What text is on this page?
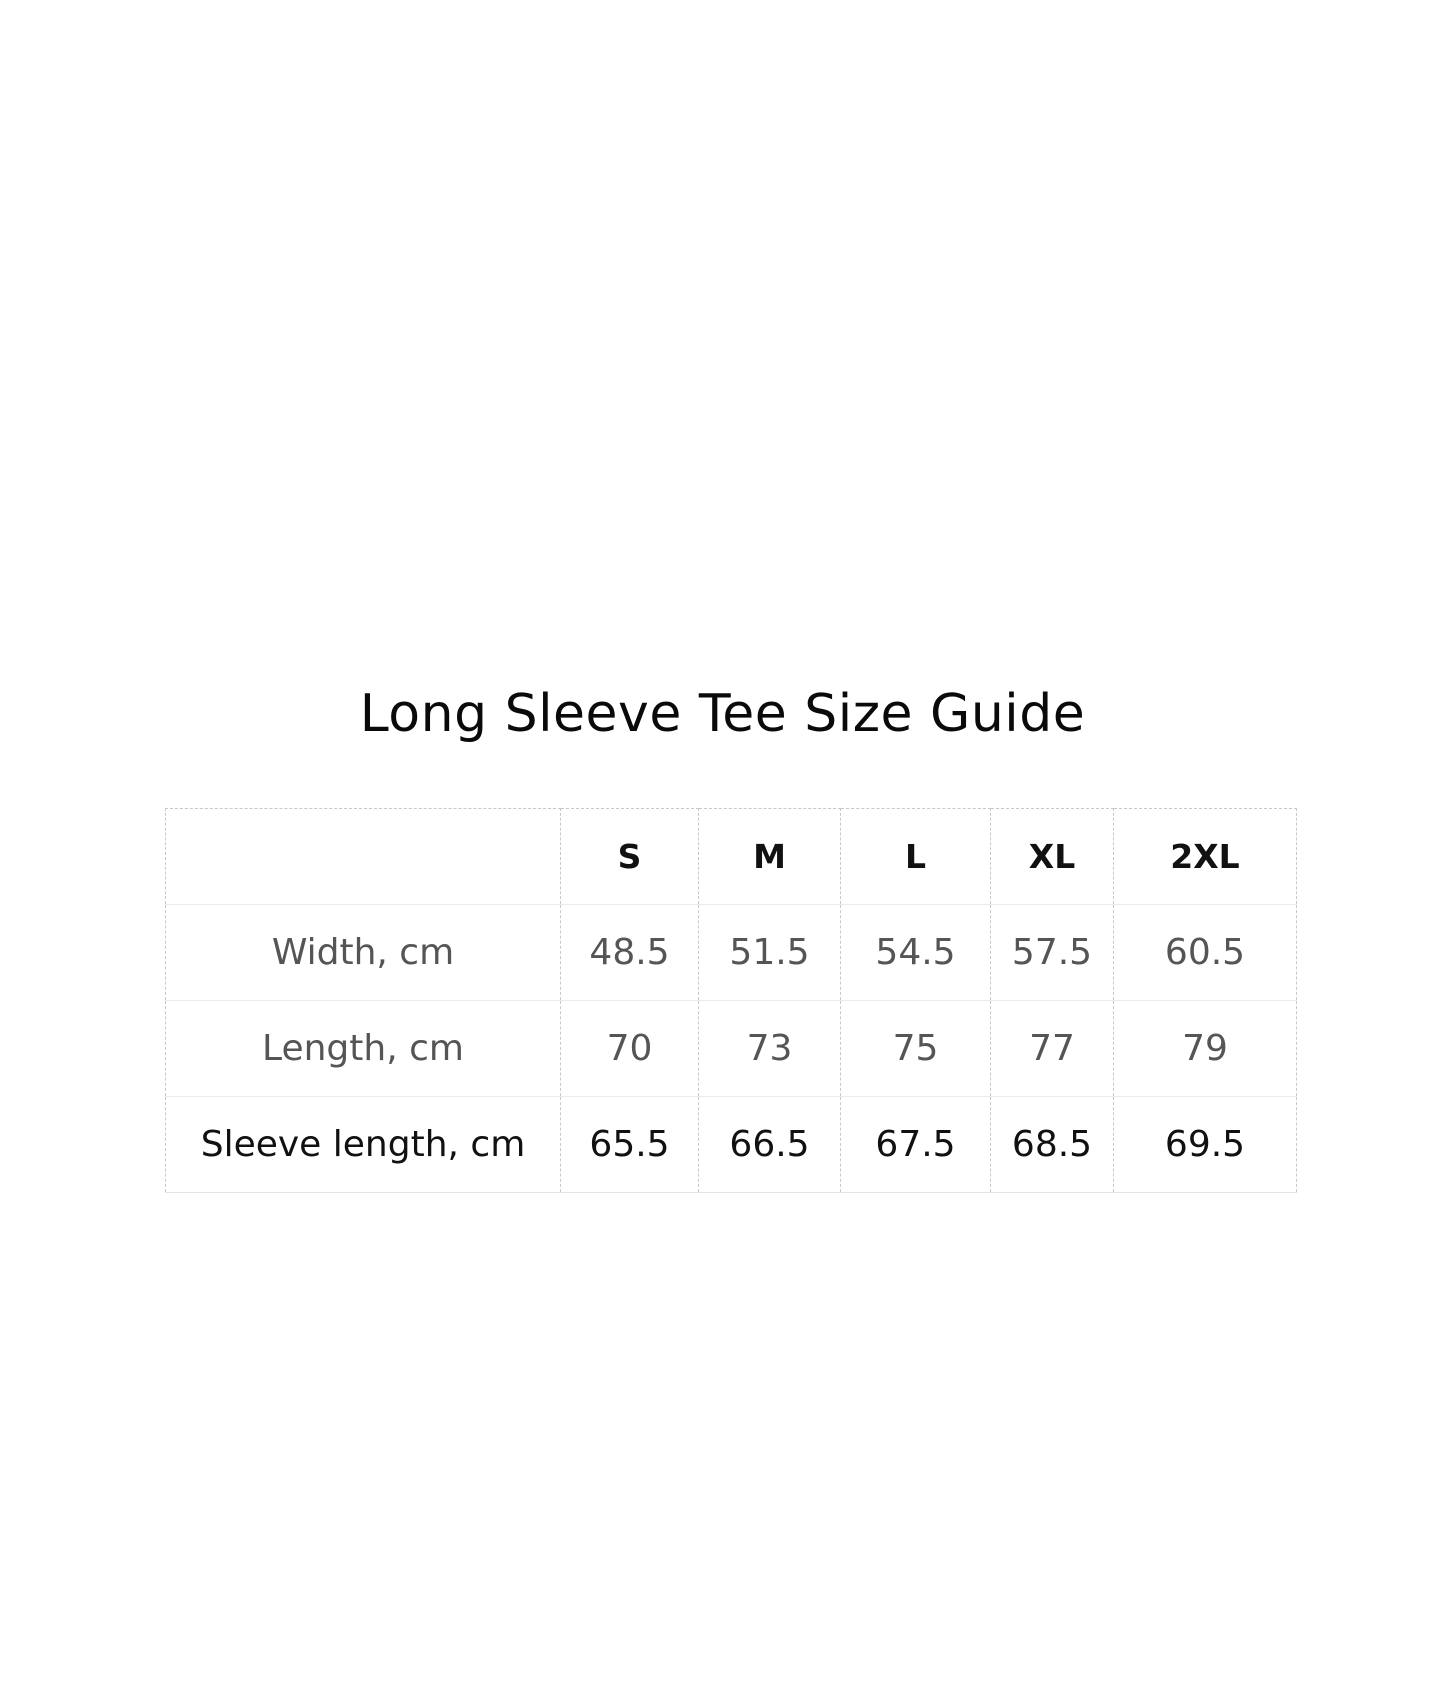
Long Sleeve Tee Size Guide
	S	M	L	XL	2XL
Width, cm	48.5	51.5	54.5	57.5	60.5
Length, cm	70	73	75	77	79
Sleeve length, cm	65.5	66.5	67.5	68.5	69.5
